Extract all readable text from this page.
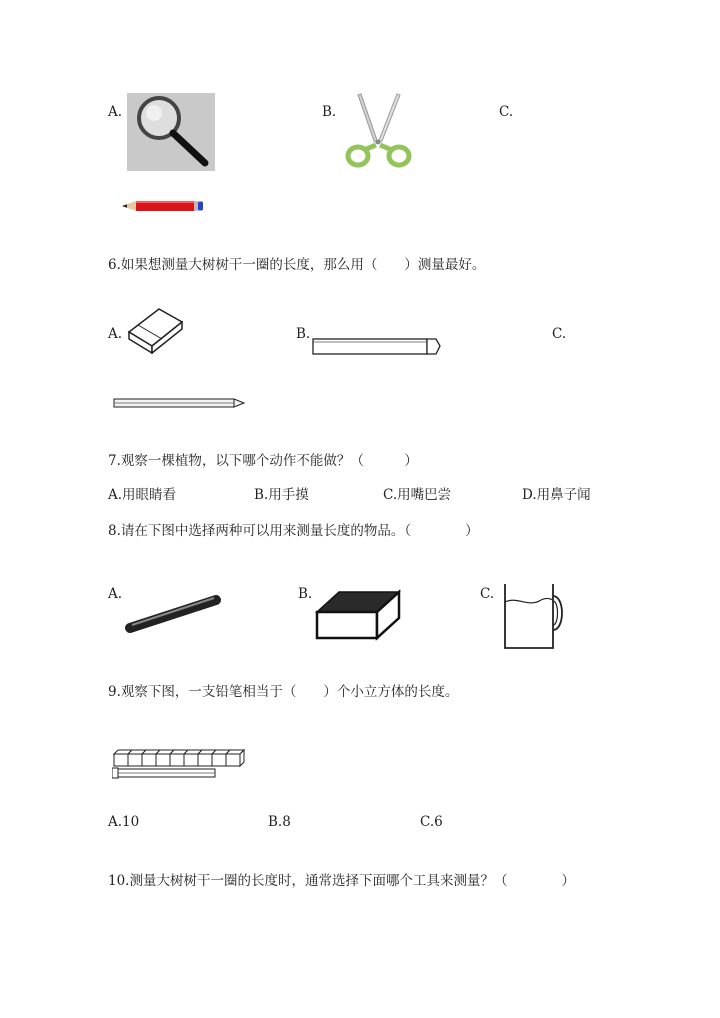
A.	B.	C.
6.如果想测量大树树干一圈的长度，那么用（　　）测量最好。
A.	B.	C.
7.观察一棵植物，以下哪个动作不能做？（　　　）
A.用眼睛看	B.用手摸	C.用嘴巴尝	D.用鼻子闻
8.请在下图中选择两种可以用来测量长度的物品。（　　　　）
A.	B.	C.
9.观察下图，一支铅笔相当于（　　）个小立方体的长度。
A.10	B.8	C.6
10.测量大树树干一圈的长度时，通常选择下面哪个工具来测量？（　　　　）
